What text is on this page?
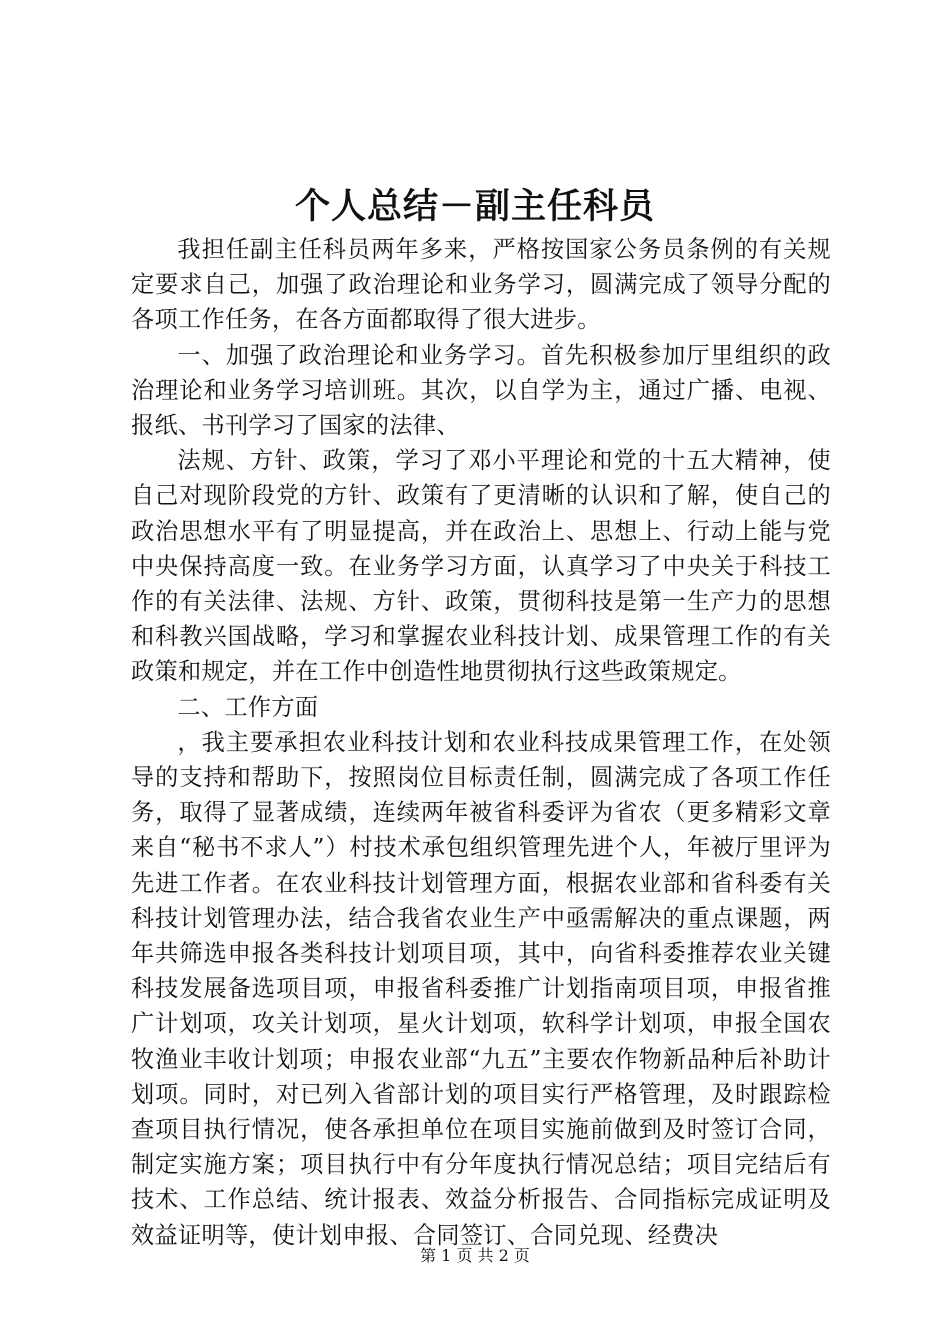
个人总结－副主任科员

我担任副主任科员两年多来，严格按国家公务员条例的有关规定要求自己，加强了政治理论和业务学习，圆满完成了领导分配的各项工作任务，在各方面都取得了很大进步。

一、加强了政治理论和业务学习。首先积极参加厅里组织的政治理论和业务学习培训班。其次，以自学为主，通过广播、电视、报纸、书刊学习了国家的法律、

法规、方针、政策，学习了邓小平理论和党的十五大精神，使自己对现阶段党的方针、政策有了更清晰的认识和了解，使自己的政治思想水平有了明显提高，并在政治上、思想上、行动上能与党中央保持高度一致。在业务学习方面，认真学习了中央关于科技工作的有关法律、法规、方针、政策，贯彻科技是第一生产力的思想和科教兴国战略，学习和掌握农业科技计划、成果管理工作的有关政策和规定，并在工作中创造性地贯彻执行这些政策规定。

二、工作方面

，我主要承担农业科技计划和农业科技成果管理工作，在处领导的支持和帮助下，按照岗位目标责任制，圆满完成了各项工作任务，取得了显著成绩，连续两年被省科委评为省农（更多精彩文章来自“秘书不求人”）村技术承包组织管理先进个人，年被厅里评为先进工作者。在农业科技计划管理方面，根据农业部和省科委有关科技计划管理办法，结合我省农业生产中亟需解决的重点课题，两年共筛选申报各类科技计划项目项，其中，向省科委推荐农业关键科技发展备选项目项，申报省科委推广计划指南项目项，申报省推广计划项，攻关计划项，星火计划项，软科学计划项，申报全国农牧渔业丰收计划项；申报农业部“九五”主要农作物新品种后补助计划项。同时，对已列入省部计划的项目实行严格管理，及时跟踪检查项目执行情况，使各承担单位在项目实施前做到及时签订合同，制定实施方案；项目执行中有分年度执行情况总结；项目完结后有技术、工作总结、统计报表、效益分析报告、合同指标完成证明及效益证明等，使计划申报、合同签订、合同兑现、经费决

第 1 页 共 2 页
